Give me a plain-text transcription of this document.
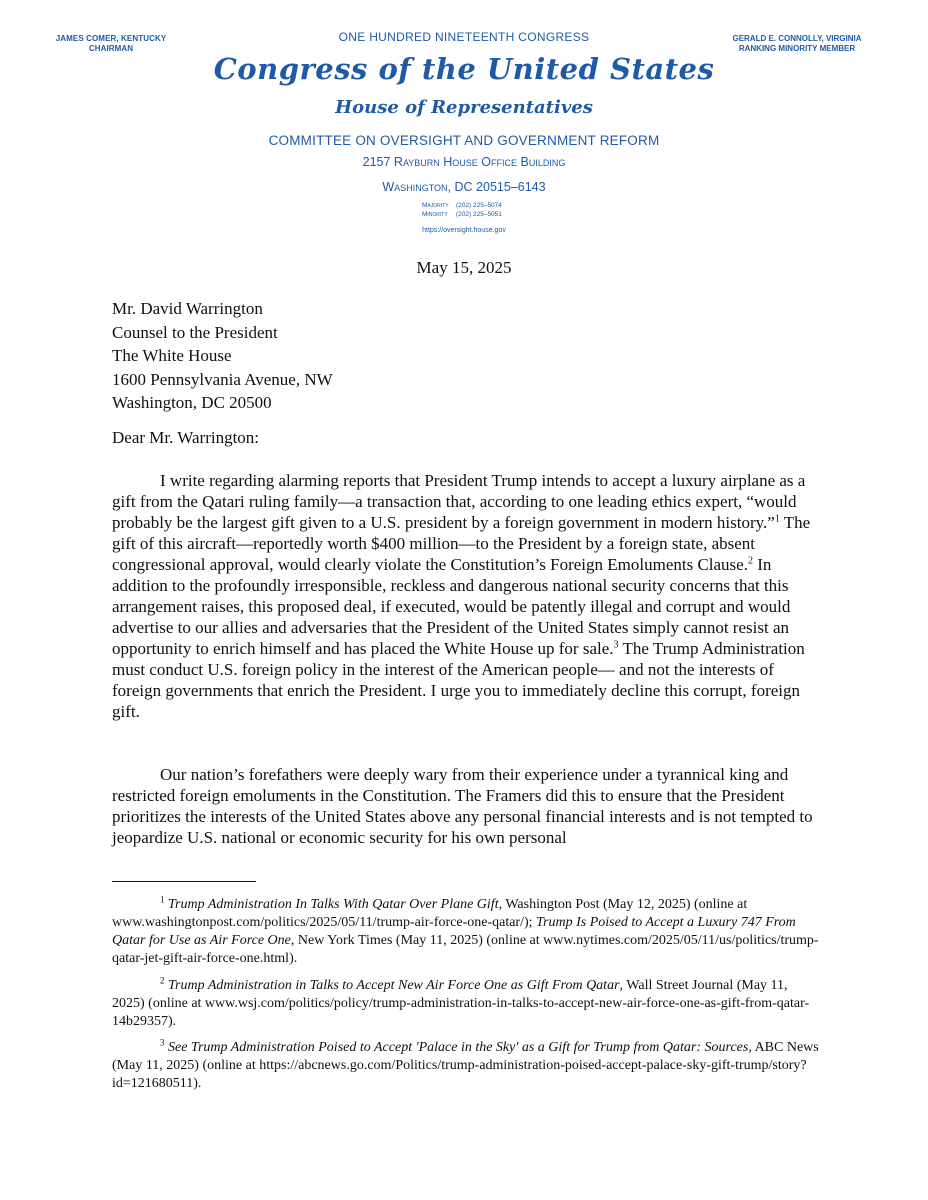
JAMES COMER, KENTUCKY
CHAIRMAN
GERALD E. CONNOLLY, VIRGINIA
RANKING MINORITY MEMBER
ONE HUNDRED NINETEENTH CONGRESS
Congress of the United States
House of Representatives
COMMITTEE ON OVERSIGHT AND GOVERNMENT REFORM
2157 Rayburn House Office Building
Washington, DC 20515–6143
Majority (202) 225–5074
Minority (202) 225–5051
https://oversight.house.gov
May 15, 2025
Mr. David Warrington
Counsel to the President
The White House
1600 Pennsylvania Avenue, NW
Washington, DC 20500
Dear Mr. Warrington:

I write regarding alarming reports that President Trump intends to accept a luxury airplane as a gift from the Qatari ruling family—a transaction that, according to one leading ethics expert, “would probably be the largest gift given to a U.S. president by a foreign government in modern history.”$^1$ The gift of this aircraft—reportedly worth $400 million—to the President by a foreign state, absent congressional approval, would clearly violate the Constitution’s Foreign Emoluments Clause.$^2$ In addition to the profoundly irresponsible, reckless and dangerous national security concerns that this arrangement raises, this proposed deal, if executed, would be patently illegal and corrupt and would advertise to our allies and adversaries that the President of the United States simply cannot resist an opportunity to enrich himself and has placed the White House up for sale.$^3$ The Trump Administration must conduct U.S. foreign policy in the interest of the American people— and not the interests of foreign governments that enrich the President. I urge you to immediately decline this corrupt, foreign gift.

Our nation’s forefathers were deeply wary from their experience under a tyrannical king and restricted foreign emoluments in the Constitution. The Framers did this to ensure that the President prioritizes the interests of the United States above any personal financial interests and is not tempted to jeopardize U.S. national or economic security for his own personal

$^1$ Trump Administration In Talks With Qatar Over Plane Gift, Washington Post (May 12, 2025) (online at www.washingtonpost.com/politics/2025/05/11/trump-air-force-one-qatar/); Trump Is Poised to Accept a Luxury 747 From Qatar for Use as Air Force One, New York Times (May 11, 2025) (online at www.nytimes.com/2025/05/11/us/politics/trump-qatar-jet-gift-air-force-one.html).

$^2$ Trump Administration in Talks to Accept New Air Force One as Gift From Qatar, Wall Street Journal (May 11, 2025) (online at www.wsj.com/politics/policy/trump-administration-in-talks-to-accept-new-air-force-one-as-gift-from-qatar-14b29357).

$^3$ See Trump Administration Poised to Accept 'Palace in the Sky' as a Gift for Trump from Qatar: Sources, ABC News (May 11, 2025) (online at https://abcnews.go.com/Politics/trump-administration-poised-accept-palace-sky-gift-trump/story?id=121680511).
